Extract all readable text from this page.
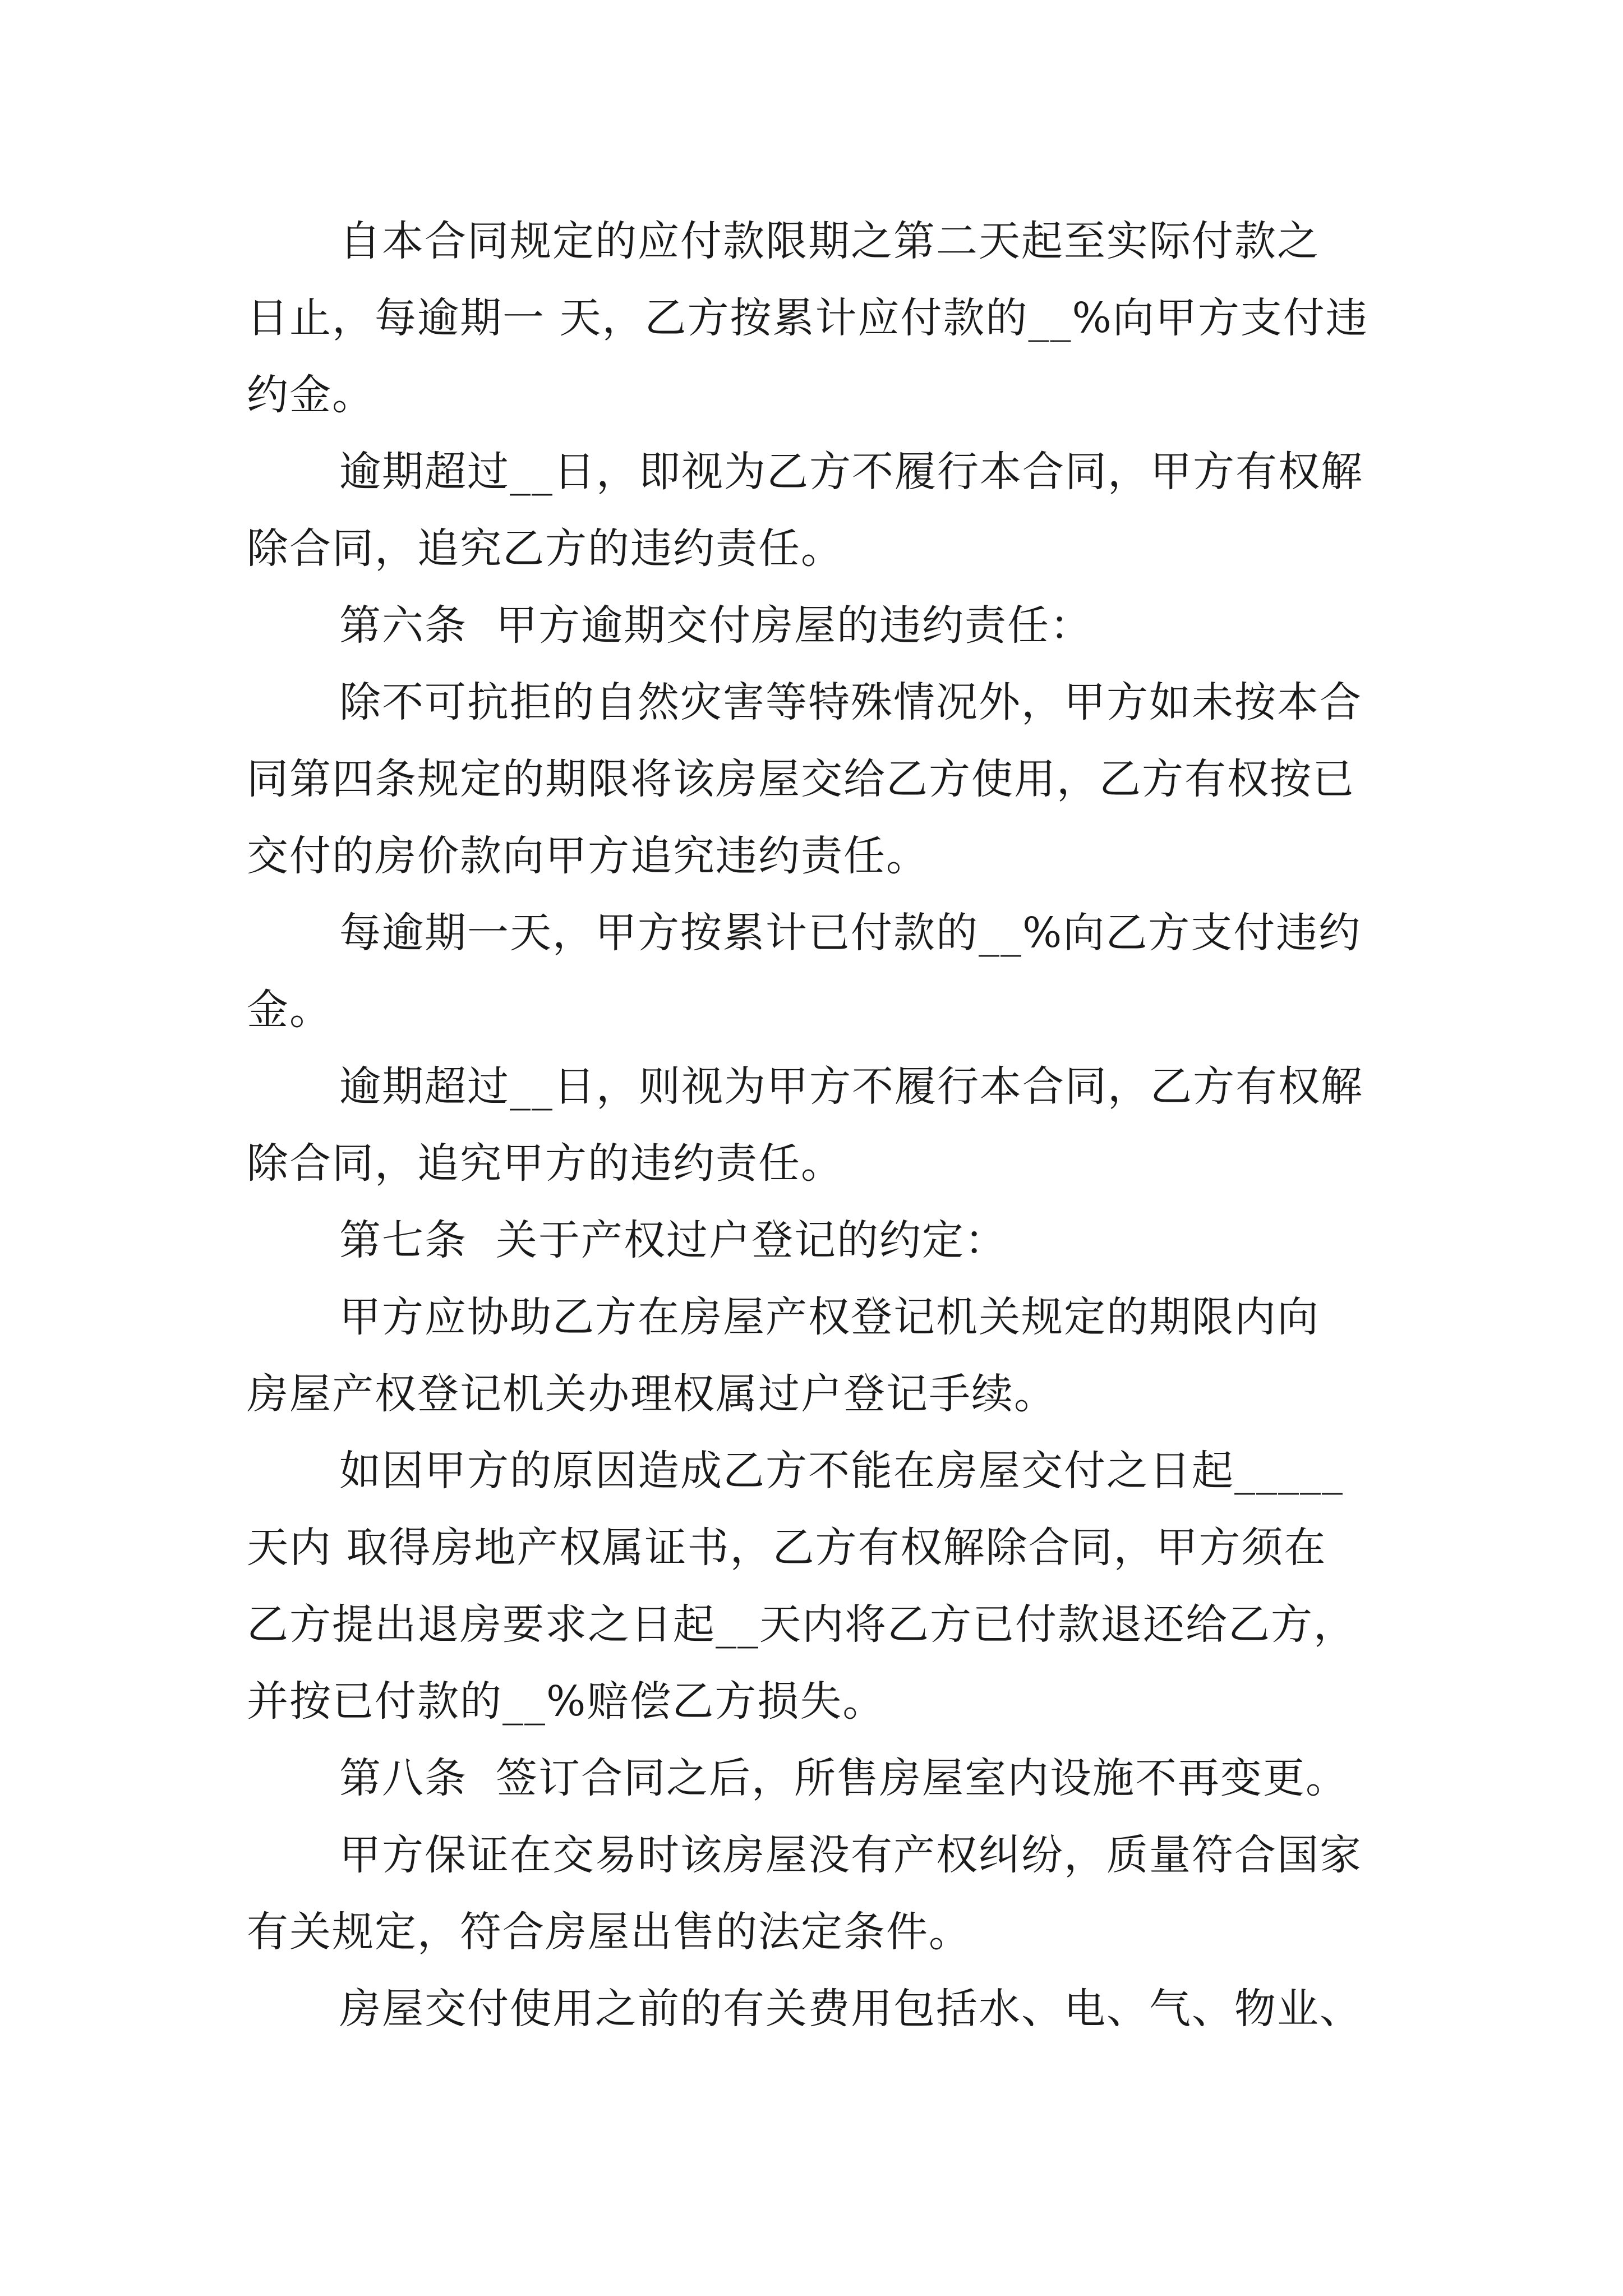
自本合同规定的应付款限期之第二天起至实际付款之
日止，每逾期一 天，乙方按累计应付款的__%向甲方支付违
约金。
逾期超过__日，即视为乙方不履行本合同，甲方有权解
除合同，追究乙方的违约责任。
第六条  甲方逾期交付房屋的违约责任：
除不可抗拒的自然灾害等特殊情况外，甲方如未按本合
同第四条规定的期限将该房屋交给乙方使用，乙方有权按已
交付的房价款向甲方追究违约责任。
每逾期一天，甲方按累计已付款的__%向乙方支付违约
金。
逾期超过__日，则视为甲方不履行本合同，乙方有权解
除合同，追究甲方的违约责任。
第七条  关于产权过户登记的约定：
甲方应协助乙方在房屋产权登记机关规定的期限内向
房屋产权登记机关办理权属过户登记手续。
如因甲方的原因造成乙方不能在房屋交付之日起_____
天内 取得房地产权属证书，乙方有权解除合同，甲方须在
乙方提出退房要求之日起__天内将乙方已付款退还给乙方，
并按已付款的__%赔偿乙方损失。
第八条  签订合同之后，所售房屋室内设施不再变更。
甲方保证在交易时该房屋没有产权纠纷，质量符合国家
有关规定，符合房屋出售的法定条件。
房屋交付使用之前的有关费用包括水、电、气、物业、
